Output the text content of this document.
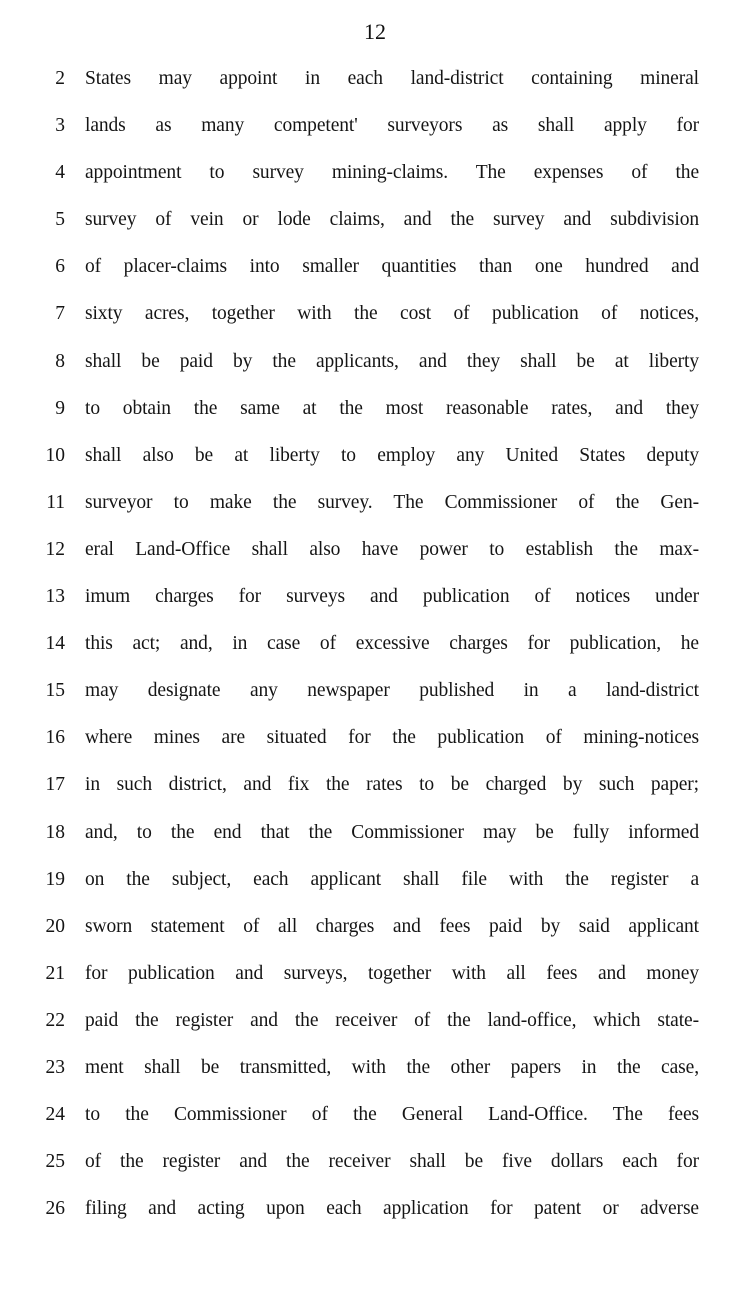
12
2 States may appoint in each land-district containing mineral
3 lands as many competent' surveyors as shall apply for
4 appointment to survey mining-claims. The expenses of the
5 survey of vein or lode claims, and the survey and subdivision
6 of placer-claims into smaller quantities than one hundred and
7 sixty acres, together with the cost of publication of notices,
8 shall be paid by the applicants, and they shall be at liberty
9 to obtain the same at the most reasonable rates, and they
10 shall also be at liberty to employ any United States deputy
11 surveyor to make the survey. The Commissioner of the Gen-
12 eral Land-Office shall also have power to establish the max-
13 imum charges for surveys and publication of notices under
14 this act; and, in case of excessive charges for publication, he
15 may designate any newspaper published in a land-district
16 where mines are situated for the publication of mining-notices
17 in such district, and fix the rates to be charged by such paper;
18 and, to the end that the Commissioner may be fully informed
19 on the subject, each applicant shall file with the register a
20 sworn statement of all charges and fees paid by said applicant
21 for publication and surveys, together with all fees and money
22 paid the register and the receiver of the land-office, which state-
23 ment shall be transmitted, with the other papers in the case,
24 to the Commissioner of the General Land-Office. The fees
25 of the register and the receiver shall be five dollars each for
26 filing and acting upon each application for patent or adverse
